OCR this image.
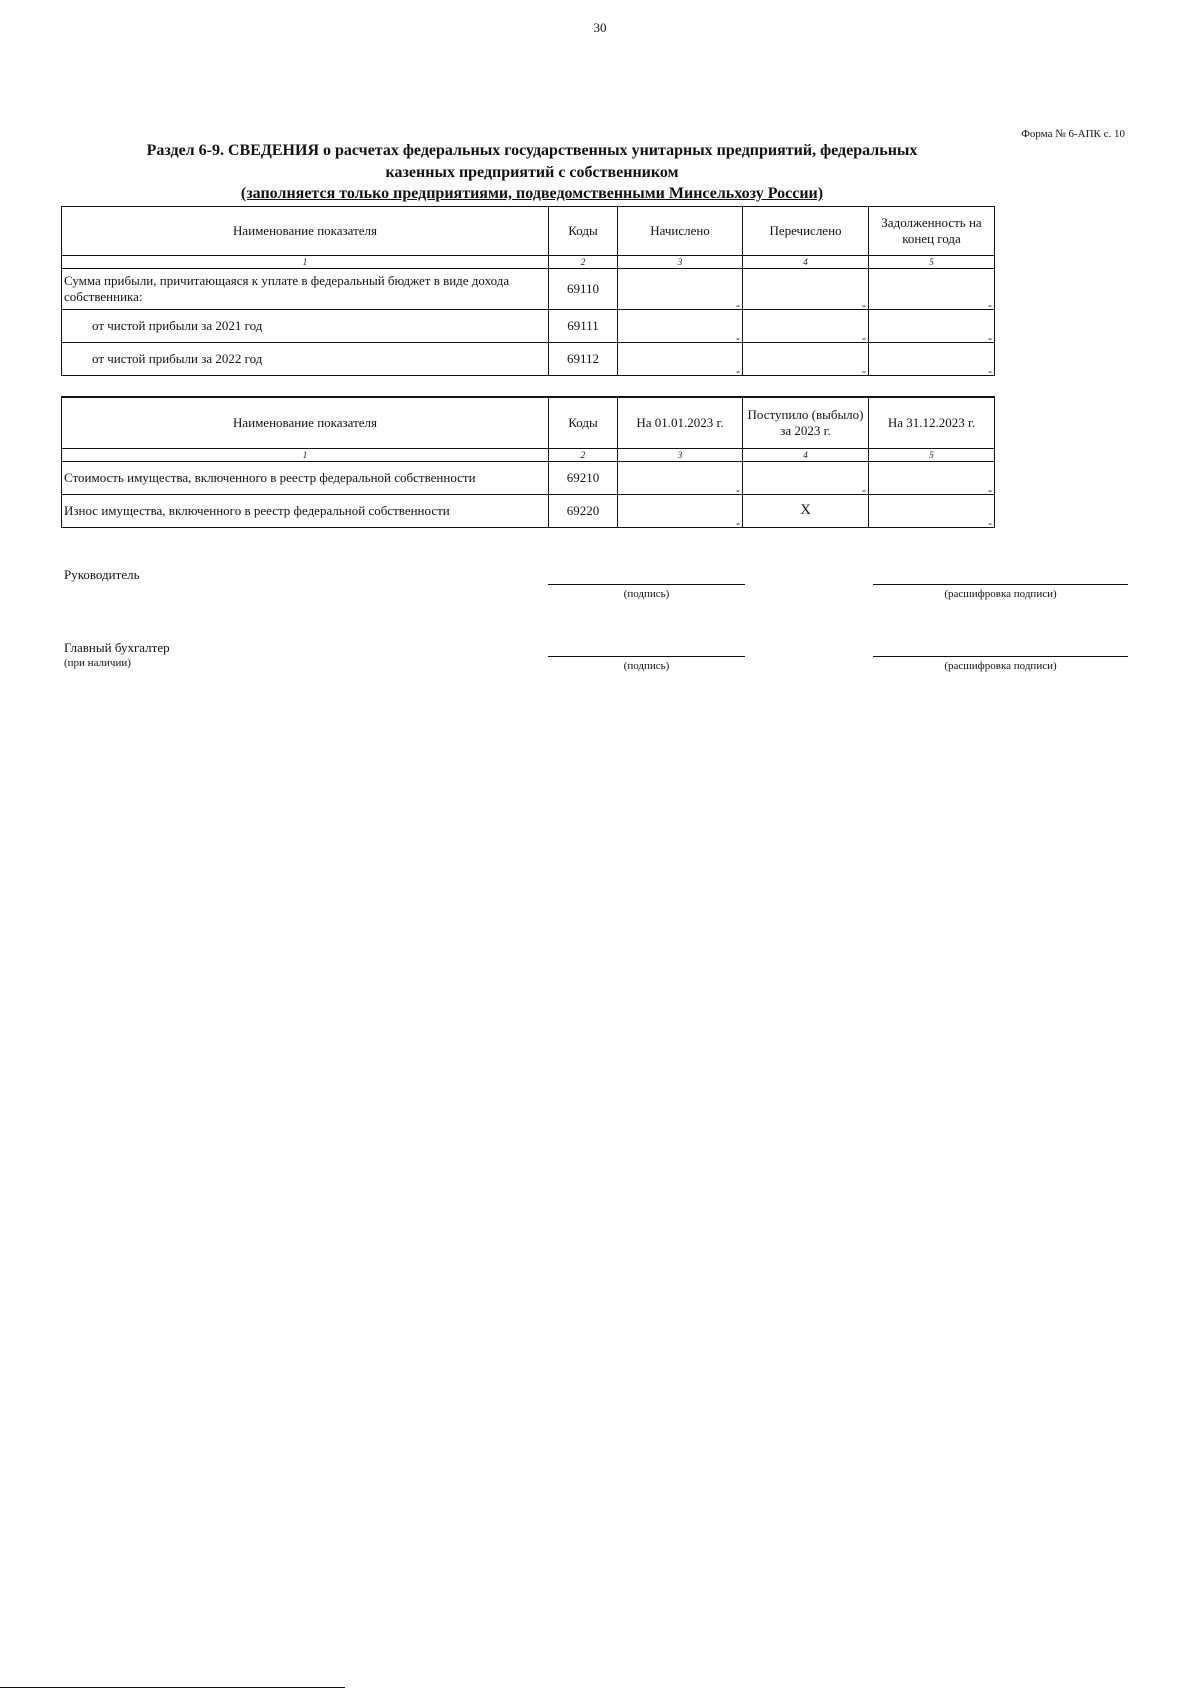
30
Форма № 6-АПК с. 10
Раздел 6-9. СВЕДЕНИЯ о расчетах федеральных государственных унитарных предприятий, федеральных
казенных предприятий с собственником
(заполняется только предприятиями, подведомственными Минсельхозу России)
Наименование показателя	Коды	Начислено	Перечислено	Задолженность на конец года
1	2	3	4	5
Сумма прибыли, причитающаяся к уплате в федеральный бюджет в виде дохода собственника:	69110	-	-	-

от чистой прибыли за 2021 год	69111	-	-	-

от чистой прибыли за 2022 год	69112	-	-	-
Наименование показателя	Коды	На 01.01.2023 г.	Поступило (выбыло) за 2023 г.	На 31.12.2023 г.
1	2	3	4	5
Стоимость имущества, включенного в реестр федеральной собственности	69210	-	-	-

Износ имущества, включенного в реестр федеральной собственности	69220	-	X	-
Руководитель
(подпись)	(расшифровка подписи)
Главный бухгалтер
(при наличии)	(подпись)	(расшифровка подписи)
